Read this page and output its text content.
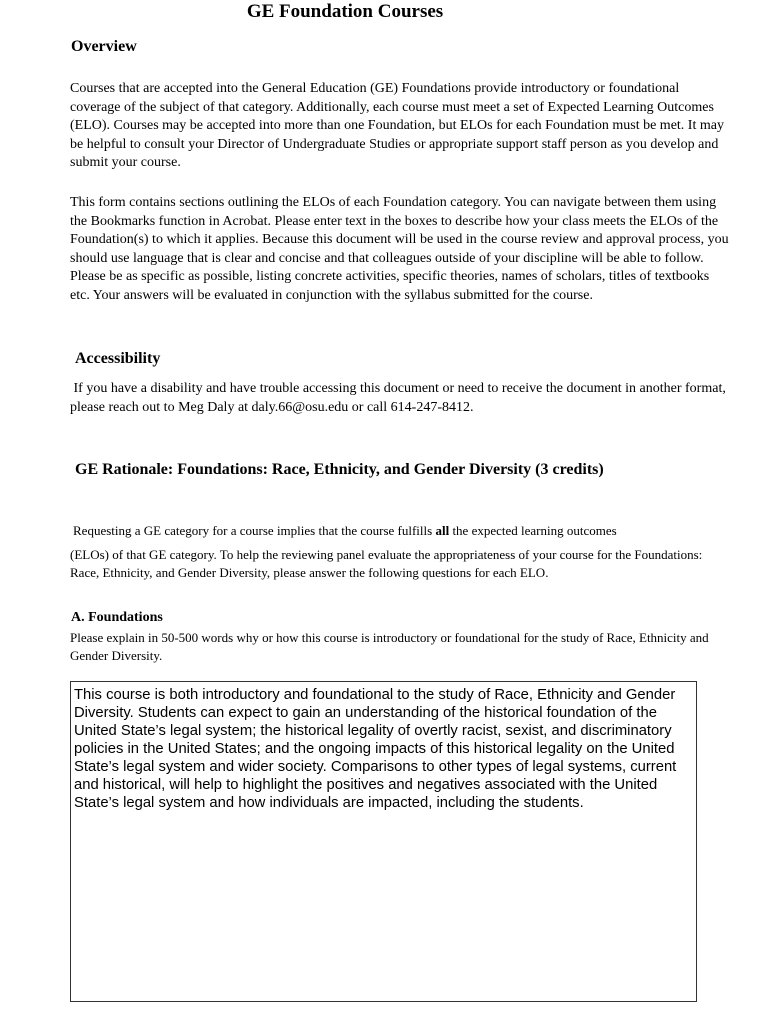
GE Foundation Courses
Overview
Courses that are accepted into the General Education (GE) Foundations provide introductory or foundational coverage of the subject of that category. Additionally, each course must meet a set of Expected Learning Outcomes (ELO). Courses may be accepted into more than one Foundation, but ELOs for each Foundation must be met. It may be helpful to consult your Director of Undergraduate Studies or appropriate support staff person as you develop and submit your course.
This form contains sections outlining the ELOs of each Foundation category. You can navigate between them using the Bookmarks function in Acrobat. Please enter text in the boxes to describe how your class meets the ELOs of the Foundation(s) to which it applies. Because this document will be used in the course review and approval process, you should use language that is clear and concise and that colleagues outside of your discipline will be able to follow. Please be as specific as possible, listing concrete activities, specific theories, names of scholars, titles of textbooks etc. Your answers will be evaluated in conjunction with the syllabus submitted for the course.
Accessibility
If you have a disability and have trouble accessing this document or need to receive the document in another format, please reach out to Meg Daly at daly.66@osu.edu or call 614-247-8412.
GE Rationale: Foundations: Race, Ethnicity, and Gender Diversity (3 credits)
Requesting a GE category for a course implies that the course fulfills all the expected learning outcomes
(ELOs) of that GE category. To help the reviewing panel evaluate the appropriateness of your course for the Foundations: Race, Ethnicity, and Gender Diversity, please answer the following questions for each ELO.
A. Foundations
Please explain in 50-500 words why or how this course is introductory or foundational for the study of Race, Ethnicity and Gender Diversity.
This course is both introductory and foundational to the study of Race, Ethnicity and Gender Diversity. Students can expect to gain an understanding of the historical foundation of the United State’s legal system; the historical legality of overtly racist, sexist, and discriminatory policies in the United States; and the ongoing impacts of this historical legality on the United State’s legal system and wider society. Comparisons to other types of legal systems, current and historical, will help to highlight the positives and negatives associated with the United State’s legal system and how individuals are impacted, including the students.
